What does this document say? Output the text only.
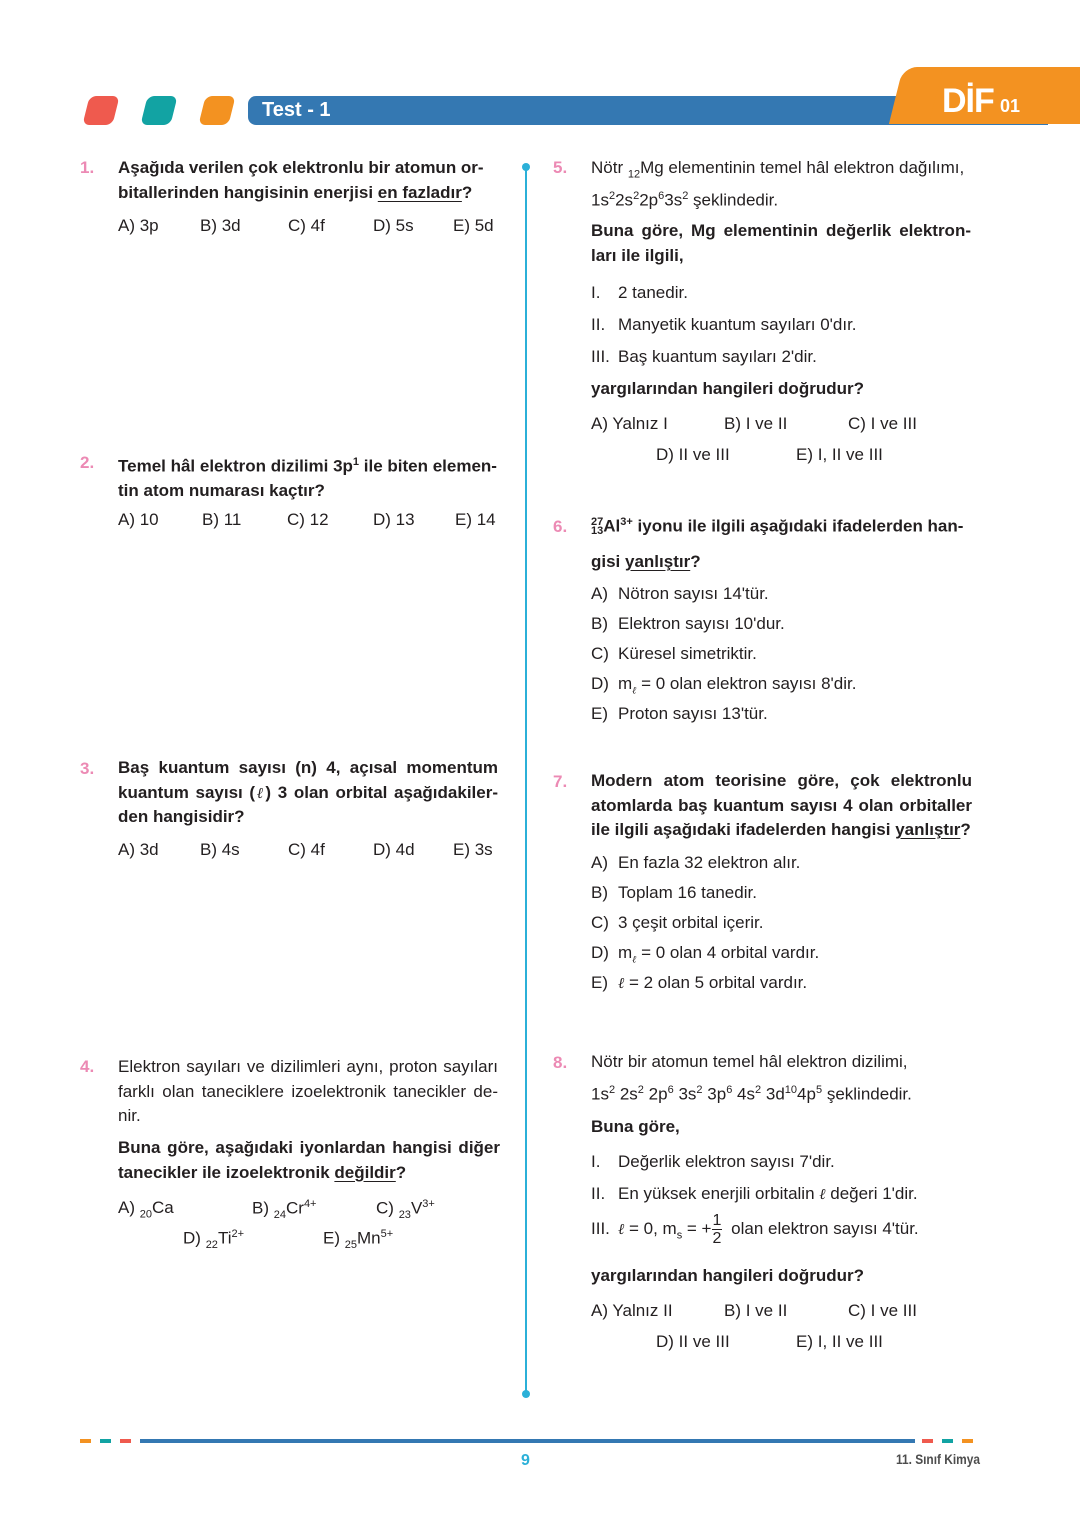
Test - 1	DİF 01
1. Aşağıda verilen çok elektronlu bir atomun or-
bitallerinden hangisinin enerjisi en fazladır?
A) 3p B) 3d	C) 4f	D) 5s E) 5d
2. Temel hâl elektron dizilimi $3p^1$ ile biten elemen-
tin atom numarası kaçtır?
A) 10	B) 11	C) 12	D) 13 E) 14
3. Baş kuantum sayısı (n) 4, açısal momentum
kuantum sayısı (ℓ) 3 olan orbital aşağıdakiler-
den hangisidir?
A) 3d B) 4s	C) 4f	D) 4d E) 3s
4. Elektron sayıları ve dizilimleri aynı, proton sayıları
farklı olan taneciklere izoelektronik tanecikler de-
nir.
Buna göre, aşağıdaki iyonlardan hangisi diğer
tanecikler ile izoelektronik değildir?
A) $_{20}$Ca	B) $_{24}Cr^{4+}$	C) $_{23}V^{3+}$
D) $_{22}Ti^{2+}$	E) $_{25}Mn^{5+}$
5. Nötr $_{12}$Mg elementinin temel hâl elektron dağılımı,
$1s^22s^22p^63s^2$ şeklindedir.
Buna göre, Mg elementinin değerlik elektron-
ları ile ilgili,
I. 2 tanedir.
II. Manyetik kuantum sayıları 0'dır.
III. Baş kuantum sayıları 2'dir.
yargılarından hangileri doğrudur?
A) Yalnız I	B) I ve II	C) I ve III
D) II ve III	E) I, II ve III
6. 27
13 $Al^{3+}$ iyonu ile ilgili aşağıdaki ifadelerden han-
gisi yanlıştır?
A) Nötron sayısı 14'tür.
B) Elektron sayısı 10'dur.
C) Küresel simetriktir.
D) $m_\ell = 0$ olan elektron sayısı 8'dir.
E) Proton sayısı 13'tür.
7. Modern atom teorisine göre, çok elektronlu
atomlarda baş kuantum sayısı 4 olan orbitaller
ile ilgili aşağıdaki ifadelerden hangisi yanlıştır?
A) En fazla 32 elektron alır.
B) Toplam 16 tanedir.
C) 3 çeşit orbital içerir.
D) $m_\ell = 0$ olan 4 orbital vardır.
E) ℓ = 2 olan 5 orbital vardır.
8. Nötr bir atomun temel hâl elektron dizilimi,
$1s^2$ $2s^2$ $2p^6$ $3s^2$ $3p^6$ $4s^2$ $3d^{10}4p^5$ şeklindedir.
Buna göre,
I. Değerlik elektron sayısı 7'dir.
II. En yüksek enerjili orbitalin ℓ değeri 1'dir.
III. ℓ = 0, $m_s$ = + $\frac{1}{2}$ olan elektron sayısı 4'tür.
yargılarından hangileri doğrudur?
A) Yalnız II	B) I ve II	C) I ve III
D) II ve III	E) I, II ve III
9	11. Sınıf Kimya
